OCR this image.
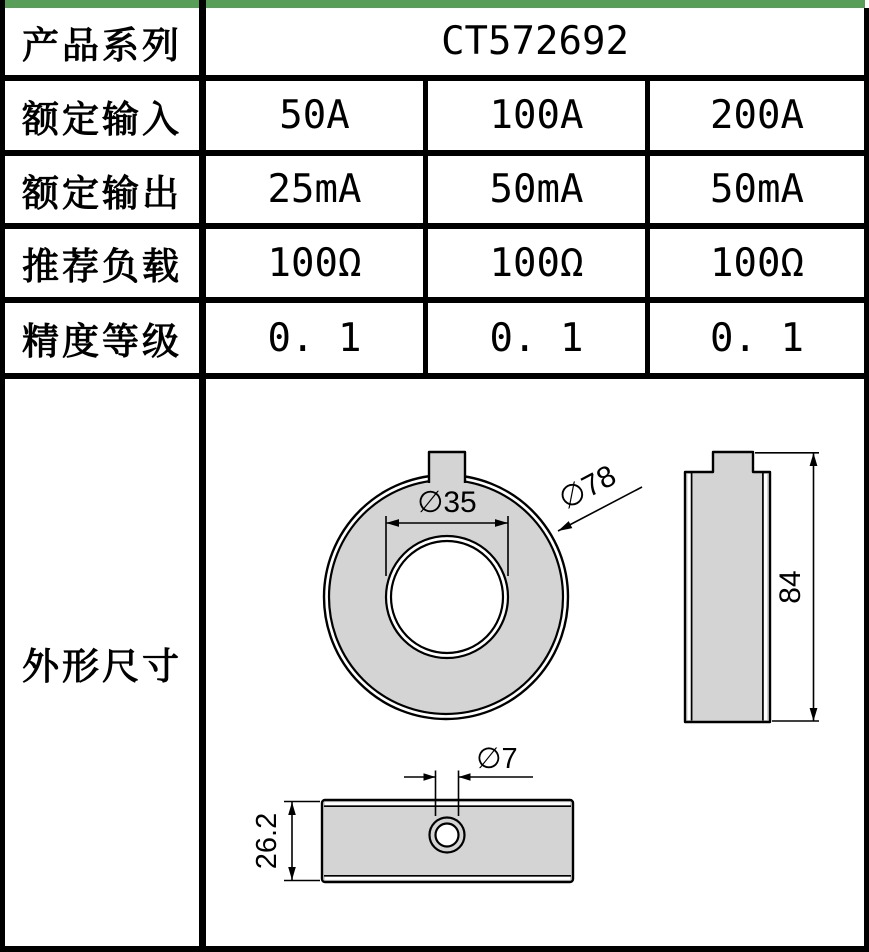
产品系列	CT572692
额定输入	50A	100A	200A
额定输出	25mA	50mA	50mA
推荐负载	100Ω	100Ω	100Ω
精度等级	0. 1	0. 1	0. 1
外形尺寸
∅35	∅78
84
∅7
26.2
